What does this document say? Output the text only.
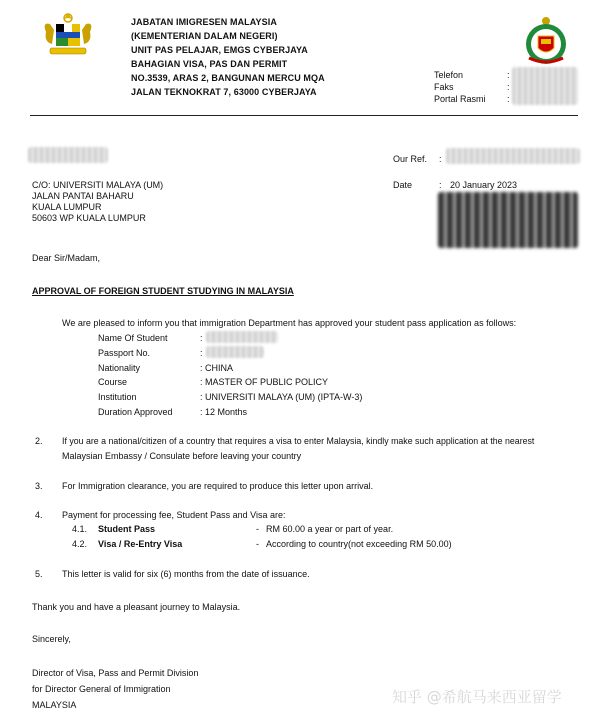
JABATAN IMIGRESEN MALAYSIA
(KEMENTERIAN DALAM NEGERI)
UNIT PAS PELAJAR, EMGS CYBERJAYA
BAHAGIAN VISA, PAS DAN PERMIT
NO.3539, ARAS 2, BANGUNAN MERCU MQA
JALAN TEKNOKRAT 7, 63000 CYBERJAYA
Telefon	:
Faks	:
Portal Rasmi :
Our Ref. :
C/O: UNIVERSITI MALAYA (UM)
JALAN PANTAI BAHARU
KUALA LUMPUR
50603 WP KUALA LUMPUR
Date	: 20 January 2023
Dear Sir/Madam,
APPROVAL OF FOREIGN STUDENT STUDYING IN MALAYSIA
We are pleased to inform you that immigration Department has approved your student pass application as follows:
Name Of Student	:
Passport No.	:
Nationality	: CHINA
Course	: MASTER OF PUBLIC POLICY
Institution	: UNIVERSITI MALAYA (UM) (IPTA-W-3)
Duration Approved	: 12 Months
2. If you are a national/citizen of a country that requires a visa to enter Malaysia, kindly make such application at the nearest
Malaysian Embassy / Consulate before leaving your country
3. For Immigration clearance, you are required to produce this letter upon arrival.
4. Payment for processing fee, Student Pass and Visa are:
4.1. Student Pass	- RM 60.00 a year or part of year.
4.2. Visa / Re-Entry Visa	- According to country(not exceeding RM 50.00)
5. This letter is valid for six (6) months from the date of issuance.
Thank you and have a pleasant journey to Malaysia.
Sincerely,
Director of Visa, Pass and Permit Division
for Director General of Immigration
MALAYSIA	知乎 @希航马来西亚留学
